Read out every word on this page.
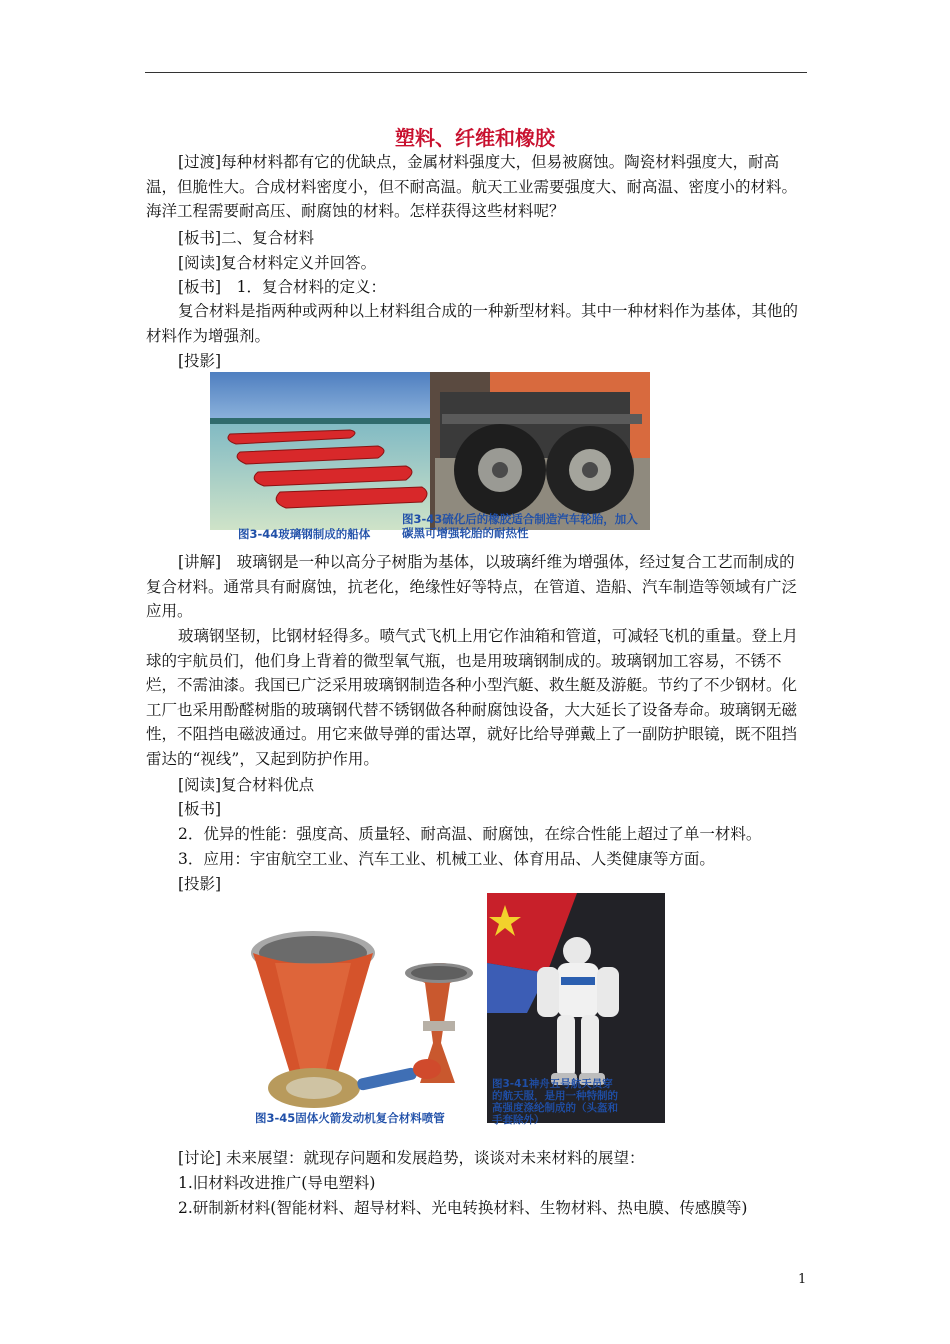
塑料、纤维和橡胶
[过渡]每种材料都有它的优缺点，金属材料强度大，但易被腐蚀。陶瓷材料强度大，耐高温，但脆性大。合成材料密度小，但不耐高温。航天工业需要强度大、耐高温、密度小的材料。海洋工程需要耐高压、耐腐蚀的材料。怎样获得这些材料呢？
[板书]二、复合材料
[阅读]复合材料定义并回答。
[板书]　1．复合材料的定义：
复合材料是指两种或两种以上材料组合成的一种新型材料。其中一种材料作为基体，其他的材料作为增强剂。
[投影]
图3-44玻璃钢制成的船体
图3-43硫化后的橡胶适合制造汽车轮胎，加入
碳黑可增强轮胎的耐热性
[讲解]　玻璃钢是一种以高分子树脂为基体，以玻璃纤维为增强体，经过复合工艺而制成的复合材料。通常具有耐腐蚀，抗老化，绝缘性好等特点，在管道、造船、汽车制造等领域有广泛应用。
玻璃钢坚韧，比钢材轻得多。喷气式飞机上用它作油箱和管道，可减轻飞机的重量。登上月球的宇航员们，他们身上背着的微型氧气瓶，也是用玻璃钢制成的。玻璃钢加工容易，不锈不烂，不需油漆。我国已广泛采用玻璃钢制造各种小型汽艇、救生艇及游艇。节约了不少钢材。化工厂也采用酚醛树脂的玻璃钢代替不锈钢做各种耐腐蚀设备，大大延长了设备寿命。玻璃钢无磁性，不阻挡电磁波通过。用它来做导弹的雷达罩，就好比给导弹戴上了一副防护眼镜，既不阻挡雷达的“视线”，又起到防护作用。
[阅读]复合材料优点
[板书]
2．优异的性能：强度高、质量轻、耐高温、耐腐蚀，在综合性能上超过了单一材料。
3．应用：宇宙航空工业、汽车工业、机械工业、体育用品、人类健康等方面。
[投影]
图3-45固体火箭发动机复合材料喷管
图3-41神舟五号航天员穿
的航天服，是用一种特制的
高强度涤纶制成的（头盔和
手套除外）
[讨论] 未来展望：就现存问题和发展趋势，谈谈对未来材料的展望：
1.旧材料改进推广(导电塑料)
2.研制新材料(智能材料、超导材料、光电转换材料、生物材料、热电膜、传感膜等)
1
